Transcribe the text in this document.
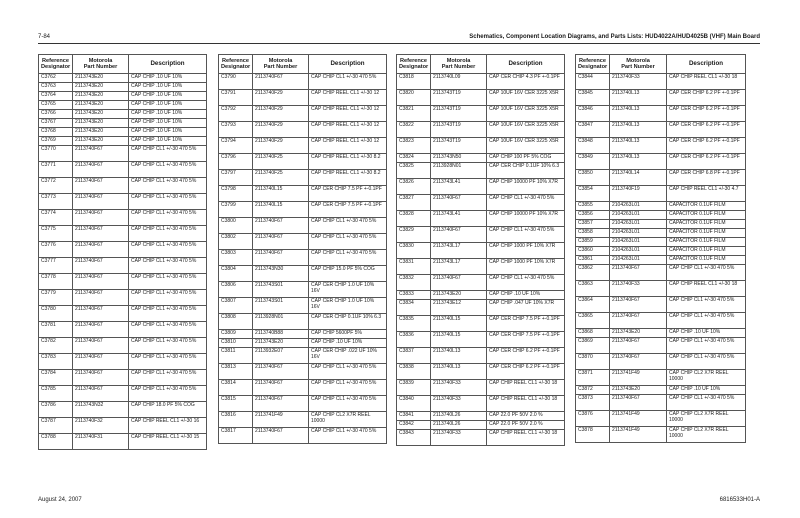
7-84	Schematics, Component Location Diagrams, and Parts Lists: HUD4022A/HUD4025B (VHF) Main Board
Reference
Designator	Motorola
Part Number	Description
C3762	2113743E20	CAP CHIP .10 UF 10%
C3763	2113743E20	CAP CHIP .10 UF 10%
C3764	2113743E20	CAP CHIP .10 UF 10%
C3765	2113743E20	CAP CHIP .10 UF 10%
C3766	2113743E20	CAP CHIP .10 UF 10%
C3767	2113743E20	CAP CHIP .10 UF 10%
C3768	2113743E20	CAP CHIP .10 UF 10%
C3769	2113743E20	CAP CHIP .10 UF 10%
C3770	2113740F67	CAP CHIP CL1 +/-30 470 5%
C3771	2113740F67	CAP CHIP CL1 +/-30 470 5%
C3772	2113740F67	CAP CHIP CL1 +/-30 470 5%
C3773	2113740F67	CAP CHIP CL1 +/-30 470 5%
C3774	2113740F67	CAP CHIP CL1 +/-30 470 5%
C3775	2113740F67	CAP CHIP CL1 +/-30 470 5%
C3776	2113740F67	CAP CHIP CL1 +/-30 470 5%
C3777	2113740F67	CAP CHIP CL1 +/-30 470 5%
C3778	2113740F67	CAP CHIP CL1 +/-30 470 5%
C3779	2113740F67	CAP CHIP CL1 +/-30 470 5%
C3780	2113740F67	CAP CHIP CL1 +/-30 470 5%
C3781	2113740F67	CAP CHIP CL1 +/-30 470 5%
C3782	2113740F67	CAP CHIP CL1 +/-30 470 5%
C3783	2113740F67	CAP CHIP CL1 +/-30 470 5%
C3784	2113740F67	CAP CHIP CL1 +/-30 470 5%
C3785	2113740F67	CAP CHIP CL1 +/-30 470 5%
C3786	2113743N32	CAP CHIP 18.0 PF 5% COG
C3787	2113740F32	CAP CHIP REEL CL1 +/-30 16
C3788	2113740F31	CAP CHIP REEL CL1 +/-30 15
Reference
Designator	Motorola
Part Number	Description
C3790	2113740F67	CAP CHIP CL1 +/-30 470 5%
C3791	2113740F29	CAP CHIP REEL CL1 +/-30 12
C3792	2113740F29	CAP CHIP REEL CL1 +/-30 12
C3793	2113740F29	CAP CHIP REEL CL1 +/-30 12
C3794	2113740F29	CAP CHIP REEL CL1 +/-30 12
C3796	2113740F25	CAP CHIP REEL CL1 +/-30 8.2
C3797	2113740F25	CAP CHIP REEL CL1 +/-30 8.2
C3798	2113740L15	CAP CER CHIP 7.5 PF +-0.1PF
C3799	2113740L15	CAP CER CHIP 7.5 PF +-0.1PF
C3800	2113740F67	CAP CHIP CL1 +/-30 470 5%
C3802	2113740F67	CAP CHIP CL1 +/-30 470 5%
C3803	2113740F67	CAP CHIP CL1 +/-30 470 5%
C3804	2113743N30	CAP CHIP 15.0 PF 5% COG
C3806	2113743S01	CAP CER CHIP 1.0 UF 10% 16V
C3807	2113743S01	CAP CER CHIP 1.0 UF 10% 16V
C3808	2113928N01	CAP CER CHIP 0.1UF 10% 6.3
C3809	2113740B88	CAP CHIP 5600PF 5%
C3810	2113743E20	CAP CHIP .10 UF 10%
C3811	2113932E07	CAP CER CHIP .022 UF 10% 16V
C3813	2113740F67	CAP CHIP CL1 +/-30 470 5%
C3814	2113740F67	CAP CHIP CL1 +/-30 470 5%
C3815	2113740F67	CAP CHIP CL1 +/-30 470 5%
C3816	2113741F49	CAP CHIP CL2 X7R REEL 10000
C3817	2113740F67	CAP CHIP CL1 +/-30 470 5%
Reference
Designator	Motorola
Part Number	Description
C3818	2113740L09	CAP CER CHIP 4.3 PF +-0.1PF
C3820	2113743T19	CAP 10UF 16V CER 3225 X5R
C3821	2113743T19	CAP 10UF 16V CER 3225 X5R
C3822	2113743T19	CAP 10UF 16V CER 3225 X5R
C3823	2113743T19	CAP 10UF 16V CER 3225 X5R
C3824	2113743N50	CAP CHIP 100 PF 5% COG
C3825	2113928N01	CAP CER CHIP 0.1UF 10% 6.3
C3826	2113743L41	CAP CHIP 10000 PF 10% X7R
C3827	2113740F67	CAP CHIP CL1 +/-30 470 5%
C3828	2113743L41	CAP CHIP 10000 PF 10% X7R
C3829	2113740F67	CAP CHIP CL1 +/-30 470 5%
C3830	2113743L17	CAP CHIP 1000 PF 10% X7R
C3831	2113743L17	CAP CHIP 1000 PF 10% X7R
C3832	2113740F67	CAP CHIP CL1 +/-30 470 5%
C3833	2113743E20	CAP CHIP .10 UF 10%
C3834	2113743E12	CAP CHIP .047 UF 10% X7R
C3835	2113740L15	CAP CER CHIP 7.5 PF +-0.1PF
C3836	2113740L15	CAP CER CHIP 7.5 PF +-0.1PF
C3837	2113740L13	CAP CER CHIP 6.2 PF +-0.1PF
C3838	2113740L13	CAP CER CHIP 6.2 PF +-0.1PF
C3839	2113740F33	CAP CHIP REEL CL1 +/-30 18
C3840	2113740F33	CAP CHIP REEL CL1 +/-30 18
C3841	2113740L26	CAP 22.0 PF 50V 2.0 %
C3842	2113740L26	CAP 22.0 PF 50V 2.0 %
C3843	2113740F33	CAP CHIP REEL CL1 +/-30 18
Reference
Designator	Motorola
Part Number	Description
C3844	2113740F33	CAP CHIP REEL CL1 +/-30 18
C3845	2113740L13	CAP CER CHIP 6.2 PF +-0.1PF
C3846	2113740L13	CAP CER CHIP 6.2 PF +-0.1PF
C3847	2113740L13	CAP CER CHIP 6.2 PF +-0.1PF
C3848	2113740L13	CAP CER CHIP 6.2 PF +-0.1PF
C3849	2113740L13	CAP CER CHIP 6.2 PF +-0.1PF
C3850	2113740L14	CAP CER CHIP 6.8 PF +-0.1PF
C3854	2113740F19	CAP CHIP REEL CL1 +/-30 4.7
C3855	2104263L01	CAPACITOR 0.1UF FILM
C3856	2104263L01	CAPACITOR 0.1UF FILM
C3857	2104263L01	CAPACITOR 0.1UF FILM
C3858	2104263L01	CAPACITOR 0.1UF FILM
C3859	2104263L01	CAPACITOR 0.1UF FILM
C3860	2104263L01	CAPACITOR 0.1UF FILM
C3861	2104263L01	CAPACITOR 0.1UF FILM
C3862	2113740F67	CAP CHIP CL1 +/-30 470 5%
C3863	2113740F33	CAP CHIP REEL CL1 +/-30 18
C3864	2113740F67	CAP CHIP CL1 +/-30 470 5%
C3865	2113740F67	CAP CHIP CL1 +/-30 470 5%
C3868	2113743E20	CAP CHIP .10 UF 10%
C3869	2113740F67	CAP CHIP CL1 +/-30 470 5%
C3870	2113740F67	CAP CHIP CL1 +/-30 470 5%
C3871	2113741F49	CAP CHIP CL2 X7R REEL 10000
C3872	2113743E20	CAP CHIP .10 UF 10%
C3873	2113740F67	CAP CHIP CL1 +/-30 470 5%
C3876	2113741F49	CAP CHIP CL2 X7R REEL 10000
C3878	2113741F49	CAP CHIP CL2 X7R REEL 10000
August 24, 2007	6816533H01-A
